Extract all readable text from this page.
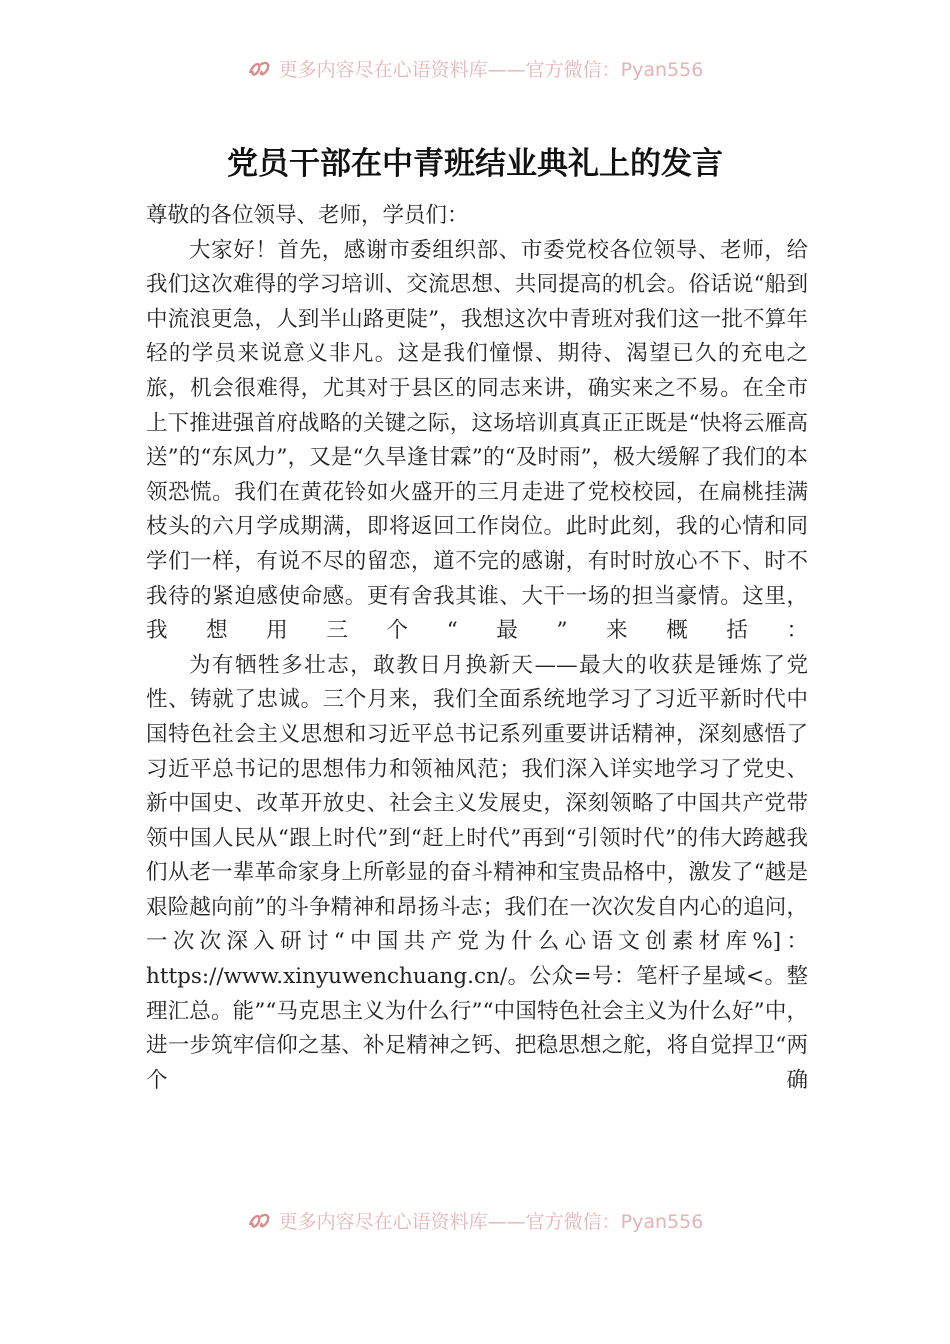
更多内容尽在心语资料库——官方微信：Pyan556
党员干部在中青班结业典礼上的发言

尊敬的各位领导、老师，学员们：

大家好！首先，感谢市委组织部、市委党校各位领导、老师，给我们这次难得的学习培训、交流思想、共同提高的机会。俗话说“船到中流浪更急，人到半山路更陡”，我想这次中青班对我们这一批不算年轻的学员来说意义非凡。这是我们憧憬、期待、渴望已久的充电之旅，机会很难得，尤其对于县区的同志来讲，确实来之不易。在全市上下推进强首府战略的关键之际，这场培训真真正正既是“快将云雁高送”的“东风力”，又是“久旱逢甘霖”的“及时雨”，极大缓解了我们的本领恐慌。我们在黄花铃如火盛开的三月走进了党校校园，在扁桃挂满枝头的六月学成期满，即将返回工作岗位。此时此刻，我的心情和同学们一样，有说不尽的留恋，道不完的感谢，有时时放心不下、时不我待的紧迫感使命感。更有舍我其谁、大干一场的担当豪情。这里，我想用三个“最”来概括：

为有牺牲多壮志，敢教日月换新天——最大的收获是锤炼了党性、铸就了忠诚。三个月来，我们全面系统地学习了习近平新时代中国特色社会主义思想和习近平总书记系列重要讲话精神，深刻感悟了习近平总书记的思想伟力和领袖风范；我们深入详实地学习了党史、新中国史、改革开放史、社会主义发展史，深刻领略了中国共产党带领中国人民从“跟上时代”到“赶上时代”再到“引领时代”的伟大跨越我们从老一辈革命家身上所彰显的奋斗精神和宝贵品格中，激发了“越是艰险越向前”的斗争精神和昂扬斗志；我们在一次次发自内心的追问，一次次深入研讨“中国共产党为什么心语文创素材库%]：https://www.xinyuwenchuang.cn/。公众=号：笔杆子星域<。整理汇总。能”“马克思主义为什么行”“中国特色社会主义为什么好”中，进一步筑牢信仰之基、补足精神之钙、把稳思想之舵，将自觉捍卫“两个确

更多内容尽在心语资料库——官方微信：Pyan556
